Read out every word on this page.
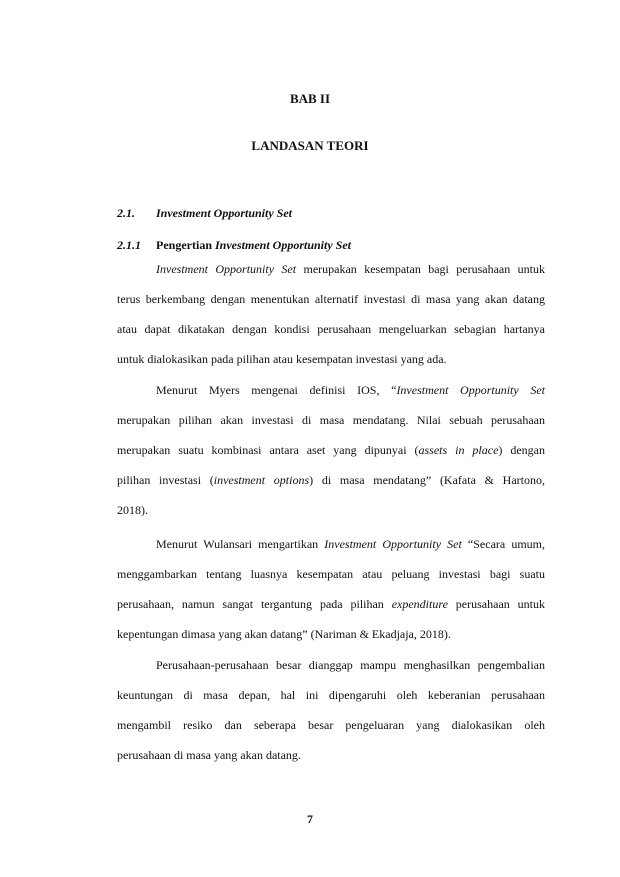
BAB II
LANDASAN TEORI
2.1. Investment Opportunity Set
2.1.1 Pengertian Investment Opportunity Set
Investment Opportunity Set merupakan kesempatan bagi perusahaan untuk
terus berkembang dengan menentukan alternatif investasi di masa yang akan datang
atau dapat dikatakan dengan kondisi perusahaan mengeluarkan sebagian hartanya
untuk dialokasikan pada pilihan atau kesempatan investasi yang ada.
Menurut Myers mengenai definisi IOS, “Investment Opportunity Set
merupakan pilihan akan investasi di masa mendatang. Nilai sebuah perusahaan
merupakan suatu kombinasi antara aset yang dipunyai (assets in place) dengan
pilihan investasi (investment options) di masa mendatang” (Kafata & Hartono,
2018).
Menurut Wulansari mengartikan Investment Opportunity Set “Secara umum,
menggambarkan tentang luasnya kesempatan atau peluang investasi bagi suatu
perusahaan, namun sangat tergantung pada pilihan expenditure perusahaan untuk
kepentungan dimasa yang akan datang” (Nariman & Ekadjaja, 2018).
Perusahaan-perusahaan besar dianggap mampu menghasilkan pengembalian
keuntungan di masa depan, hal ini dipengaruhi oleh keberanian perusahaan
mengambil resiko dan seberapa besar pengeluaran yang dialokasikan oleh
perusahaan di masa yang akan datang.
7
